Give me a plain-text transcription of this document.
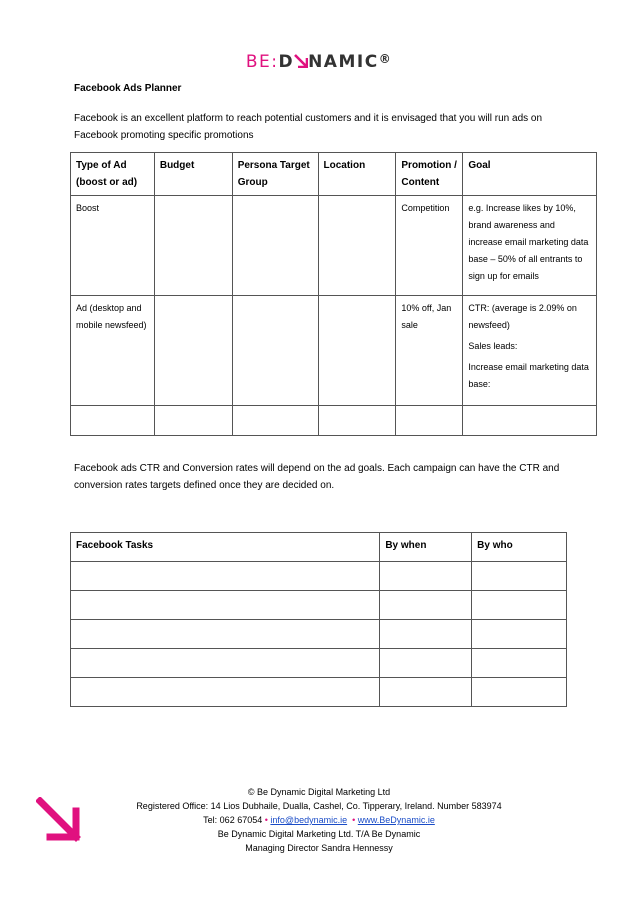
BE:D NAMIC®
Facebook Ads Planner
Facebook is an excellent platform to reach potential customers and it is envisaged that you will run ads on Facebook promoting specific promotions
Type of Ad (boost or ad)	Budget	Persona Target Group	Location	Promotion / Content	Goal
Boost				Competition	e.g. Increase likes by 10%, brand awareness and increase email marketing data base – 50% of all entrants to sign up for emails
Ad (desktop and mobile newsfeed)				10% off, Jan sale	CTR: (average is 2.09% on newsfeed)

Sales leads:

Increase email marketing data base:

Facebook ads CTR and Conversion rates will depend on the ad goals. Each campaign can have the CTR and conversion rates targets defined once they are decided on.
Facebook Tasks	By when	By who

© Be Dynamic Digital Marketing Ltd
Registered Office: 14 Lios Dubhaile, Dualla, Cashel, Co. Tipperary, Ireland. Number 583974
Tel: 062 67054 • info@bedynamic.ie • www.BeDynamic.ie
Be Dynamic Digital Marketing Ltd. T/A Be Dynamic
Managing Director Sandra Hennessy
